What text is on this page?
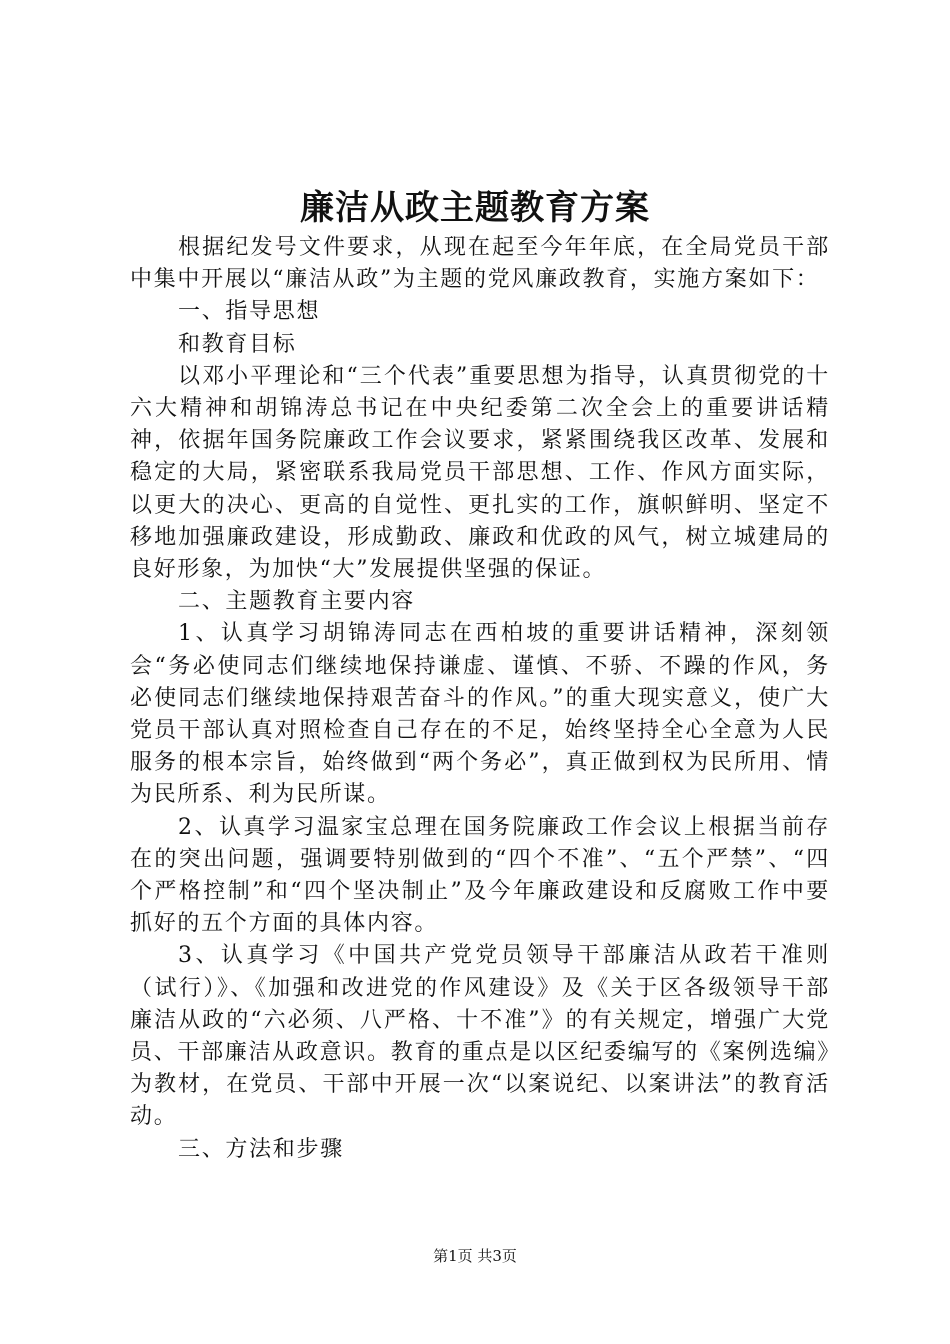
廉洁从政主题教育方案

根据纪发号文件要求，从现在起至今年年底，在全局党员干部中集中开展以“廉洁从政”为主题的党风廉政教育，实施方案如下：

一、指导思想

和教育目标

以邓小平理论和“三个代表”重要思想为指导，认真贯彻党的十六大精神和胡锦涛总书记在中央纪委第二次全会上的重要讲话精神，依据年国务院廉政工作会议要求，紧紧围绕我区改革、发展和稳定的大局，紧密联系我局党员干部思想、工作、作风方面实际，以更大的决心、更高的自觉性、更扎实的工作，旗帜鲜明、坚定不移地加强廉政建设，形成勤政、廉政和优政的风气，树立城建局的良好形象，为加快“大”发展提供坚强的保证。

二、主题教育主要内容

1、认真学习胡锦涛同志在西柏坡的重要讲话精神，深刻领会“务必使同志们继续地保持谦虚、谨慎、不骄、不躁的作风，务必使同志们继续地保持艰苦奋斗的作风。”的重大现实意义，使广大党员干部认真对照检查自己存在的不足，始终坚持全心全意为人民服务的根本宗旨，始终做到“两个务必”，真正做到权为民所用、情为民所系、利为民所谋。

2、认真学习温家宝总理在国务院廉政工作会议上根据当前存在的突出问题，强调要特别做到的“四个不准”、“五个严禁”、“四个严格控制”和“四个坚决制止”及今年廉政建设和反腐败工作中要抓好的五个方面的具体内容。

3、认真学习《中国共产党党员领导干部廉洁从政若干准则（试行）》、《加强和改进党的作风建设》及《关于区各级领导干部廉洁从政的“六必须、八严格、十不准”》的有关规定，增强广大党员、干部廉洁从政意识。教育的重点是以区纪委编写的《案例选编》为教材，在党员、干部中开展一次“以案说纪、以案讲法”的教育活动。

三、方法和步骤

第1页 共3页
